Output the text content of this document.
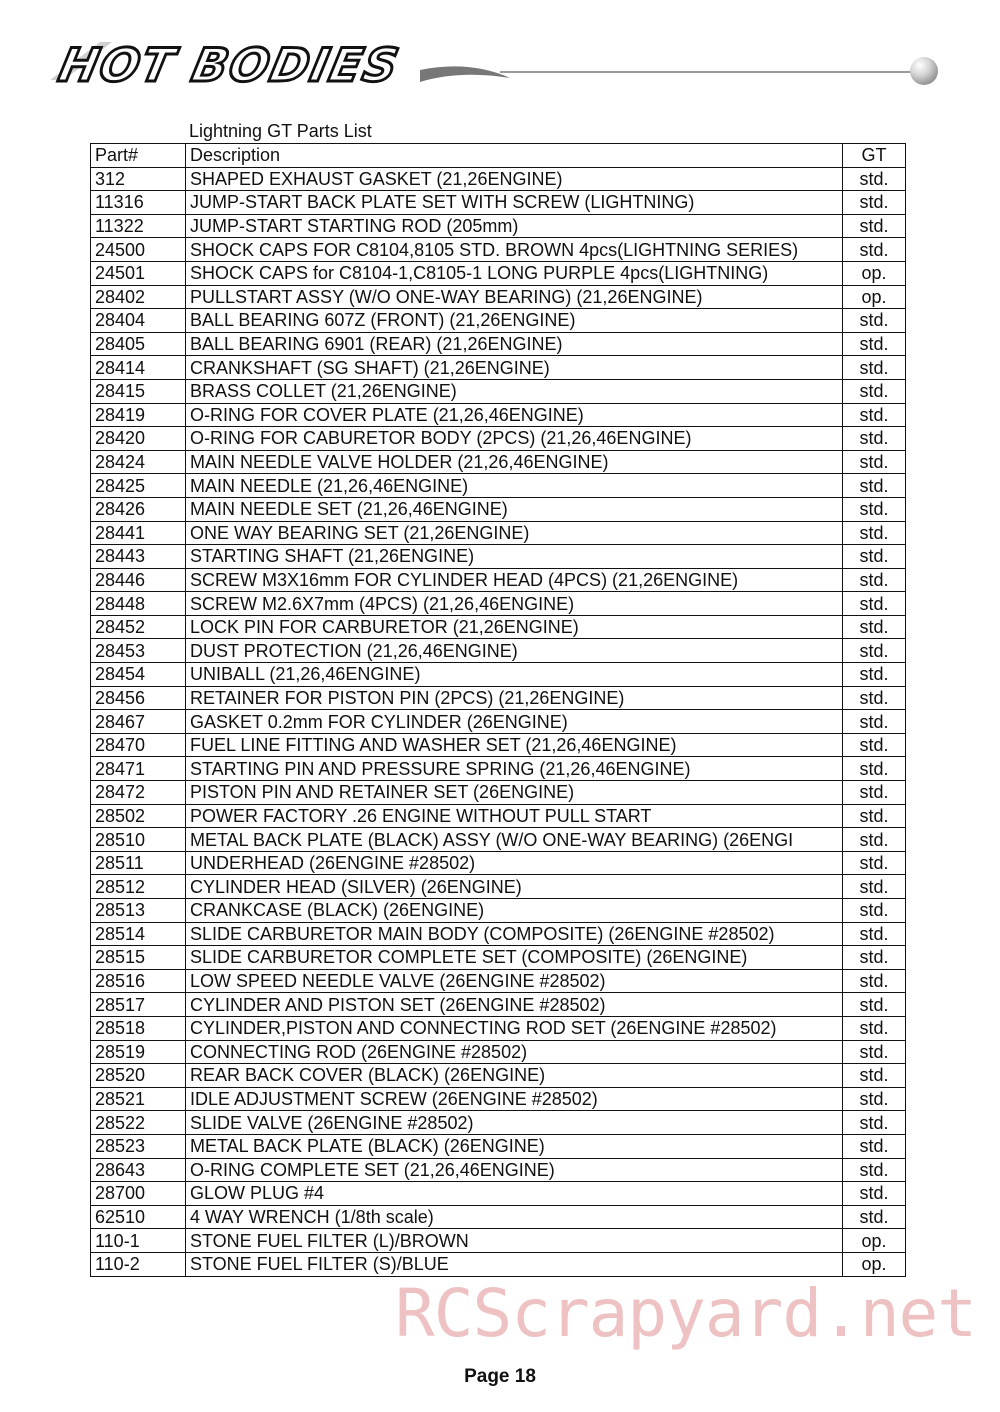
HOT BODIES
Lightning GT Parts List
Part#	Description	GT
312	SHAPED EXHAUST GASKET (21,26ENGINE)	std.
11316	JUMP-START BACK PLATE SET WITH SCREW (LIGHTNING)	std.
11322	JUMP-START STARTING ROD (205mm)	std.
24500	SHOCK CAPS FOR C8104,8105 STD. BROWN 4pcs(LIGHTNING SERIES)	std.
24501	SHOCK CAPS for C8104-1,C8105-1 LONG PURPLE 4pcs(LIGHTNING)	op.
28402	PULLSTART ASSY (W/O ONE-WAY BEARING) (21,26ENGINE)	op.
28404	BALL BEARING 607Z (FRONT) (21,26ENGINE)	std.
28405	BALL BEARING 6901 (REAR) (21,26ENGINE)	std.
28414	CRANKSHAFT (SG SHAFT) (21,26ENGINE)	std.
28415	BRASS COLLET (21,26ENGINE)	std.
28419	O-RING FOR COVER PLATE (21,26,46ENGINE)	std.
28420	O-RING FOR CABURETOR BODY (2PCS) (21,26,46ENGINE)	std.
28424	MAIN NEEDLE VALVE HOLDER (21,26,46ENGINE)	std.
28425	MAIN NEEDLE (21,26,46ENGINE)	std.
28426	MAIN NEEDLE SET (21,26,46ENGINE)	std.
28441	ONE WAY BEARING SET (21,26ENGINE)	std.
28443	STARTING SHAFT (21,26ENGINE)	std.
28446	SCREW M3X16mm FOR CYLINDER HEAD (4PCS) (21,26ENGINE)	std.
28448	SCREW M2.6X7mm (4PCS) (21,26,46ENGINE)	std.
28452	LOCK PIN FOR CARBURETOR (21,26ENGINE)	std.
28453	DUST PROTECTION (21,26,46ENGINE)	std.
28454	UNIBALL (21,26,46ENGINE)	std.
28456	RETAINER FOR PISTON PIN (2PCS) (21,26ENGINE)	std.
28467	GASKET 0.2mm FOR CYLINDER (26ENGINE)	std.
28470	FUEL LINE FITTING AND WASHER SET (21,26,46ENGINE)	std.
28471	STARTING PIN AND PRESSURE SPRING (21,26,46ENGINE)	std.
28472	PISTON PIN AND RETAINER SET (26ENGINE)	std.
28502	POWER FACTORY .26 ENGINE WITHOUT PULL START	std.
28510	METAL BACK PLATE (BLACK) ASSY (W/O ONE-WAY BEARING) (26ENGI	std.
28511	UNDERHEAD (26ENGINE #28502)	std.
28512	CYLINDER HEAD (SILVER) (26ENGINE)	std.
28513	CRANKCASE (BLACK) (26ENGINE)	std.
28514	SLIDE CARBURETOR MAIN BODY (COMPOSITE) (26ENGINE #28502)	std.
28515	SLIDE CARBURETOR COMPLETE SET (COMPOSITE) (26ENGINE)	std.
28516	LOW SPEED NEEDLE VALVE (26ENGINE #28502)	std.
28517	CYLINDER AND PISTON SET (26ENGINE #28502)	std.
28518	CYLINDER,PISTON AND CONNECTING ROD SET (26ENGINE #28502)	std.
28519	CONNECTING ROD (26ENGINE #28502)	std.
28520	REAR BACK COVER (BLACK) (26ENGINE)	std.
28521	IDLE ADJUSTMENT SCREW (26ENGINE #28502)	std.
28522	SLIDE VALVE (26ENGINE #28502)	std.
28523	METAL BACK PLATE (BLACK) (26ENGINE)	std.
28643	O-RING COMPLETE SET (21,26,46ENGINE)	std.
28700	GLOW PLUG #4	std.
62510	4 WAY WRENCH (1/8th scale)	std.
110-1	STONE FUEL FILTER (L)/BROWN	op.
110-2	STONE FUEL FILTER (S)/BLUE	op.
RCScrapyard.net
Page 18
